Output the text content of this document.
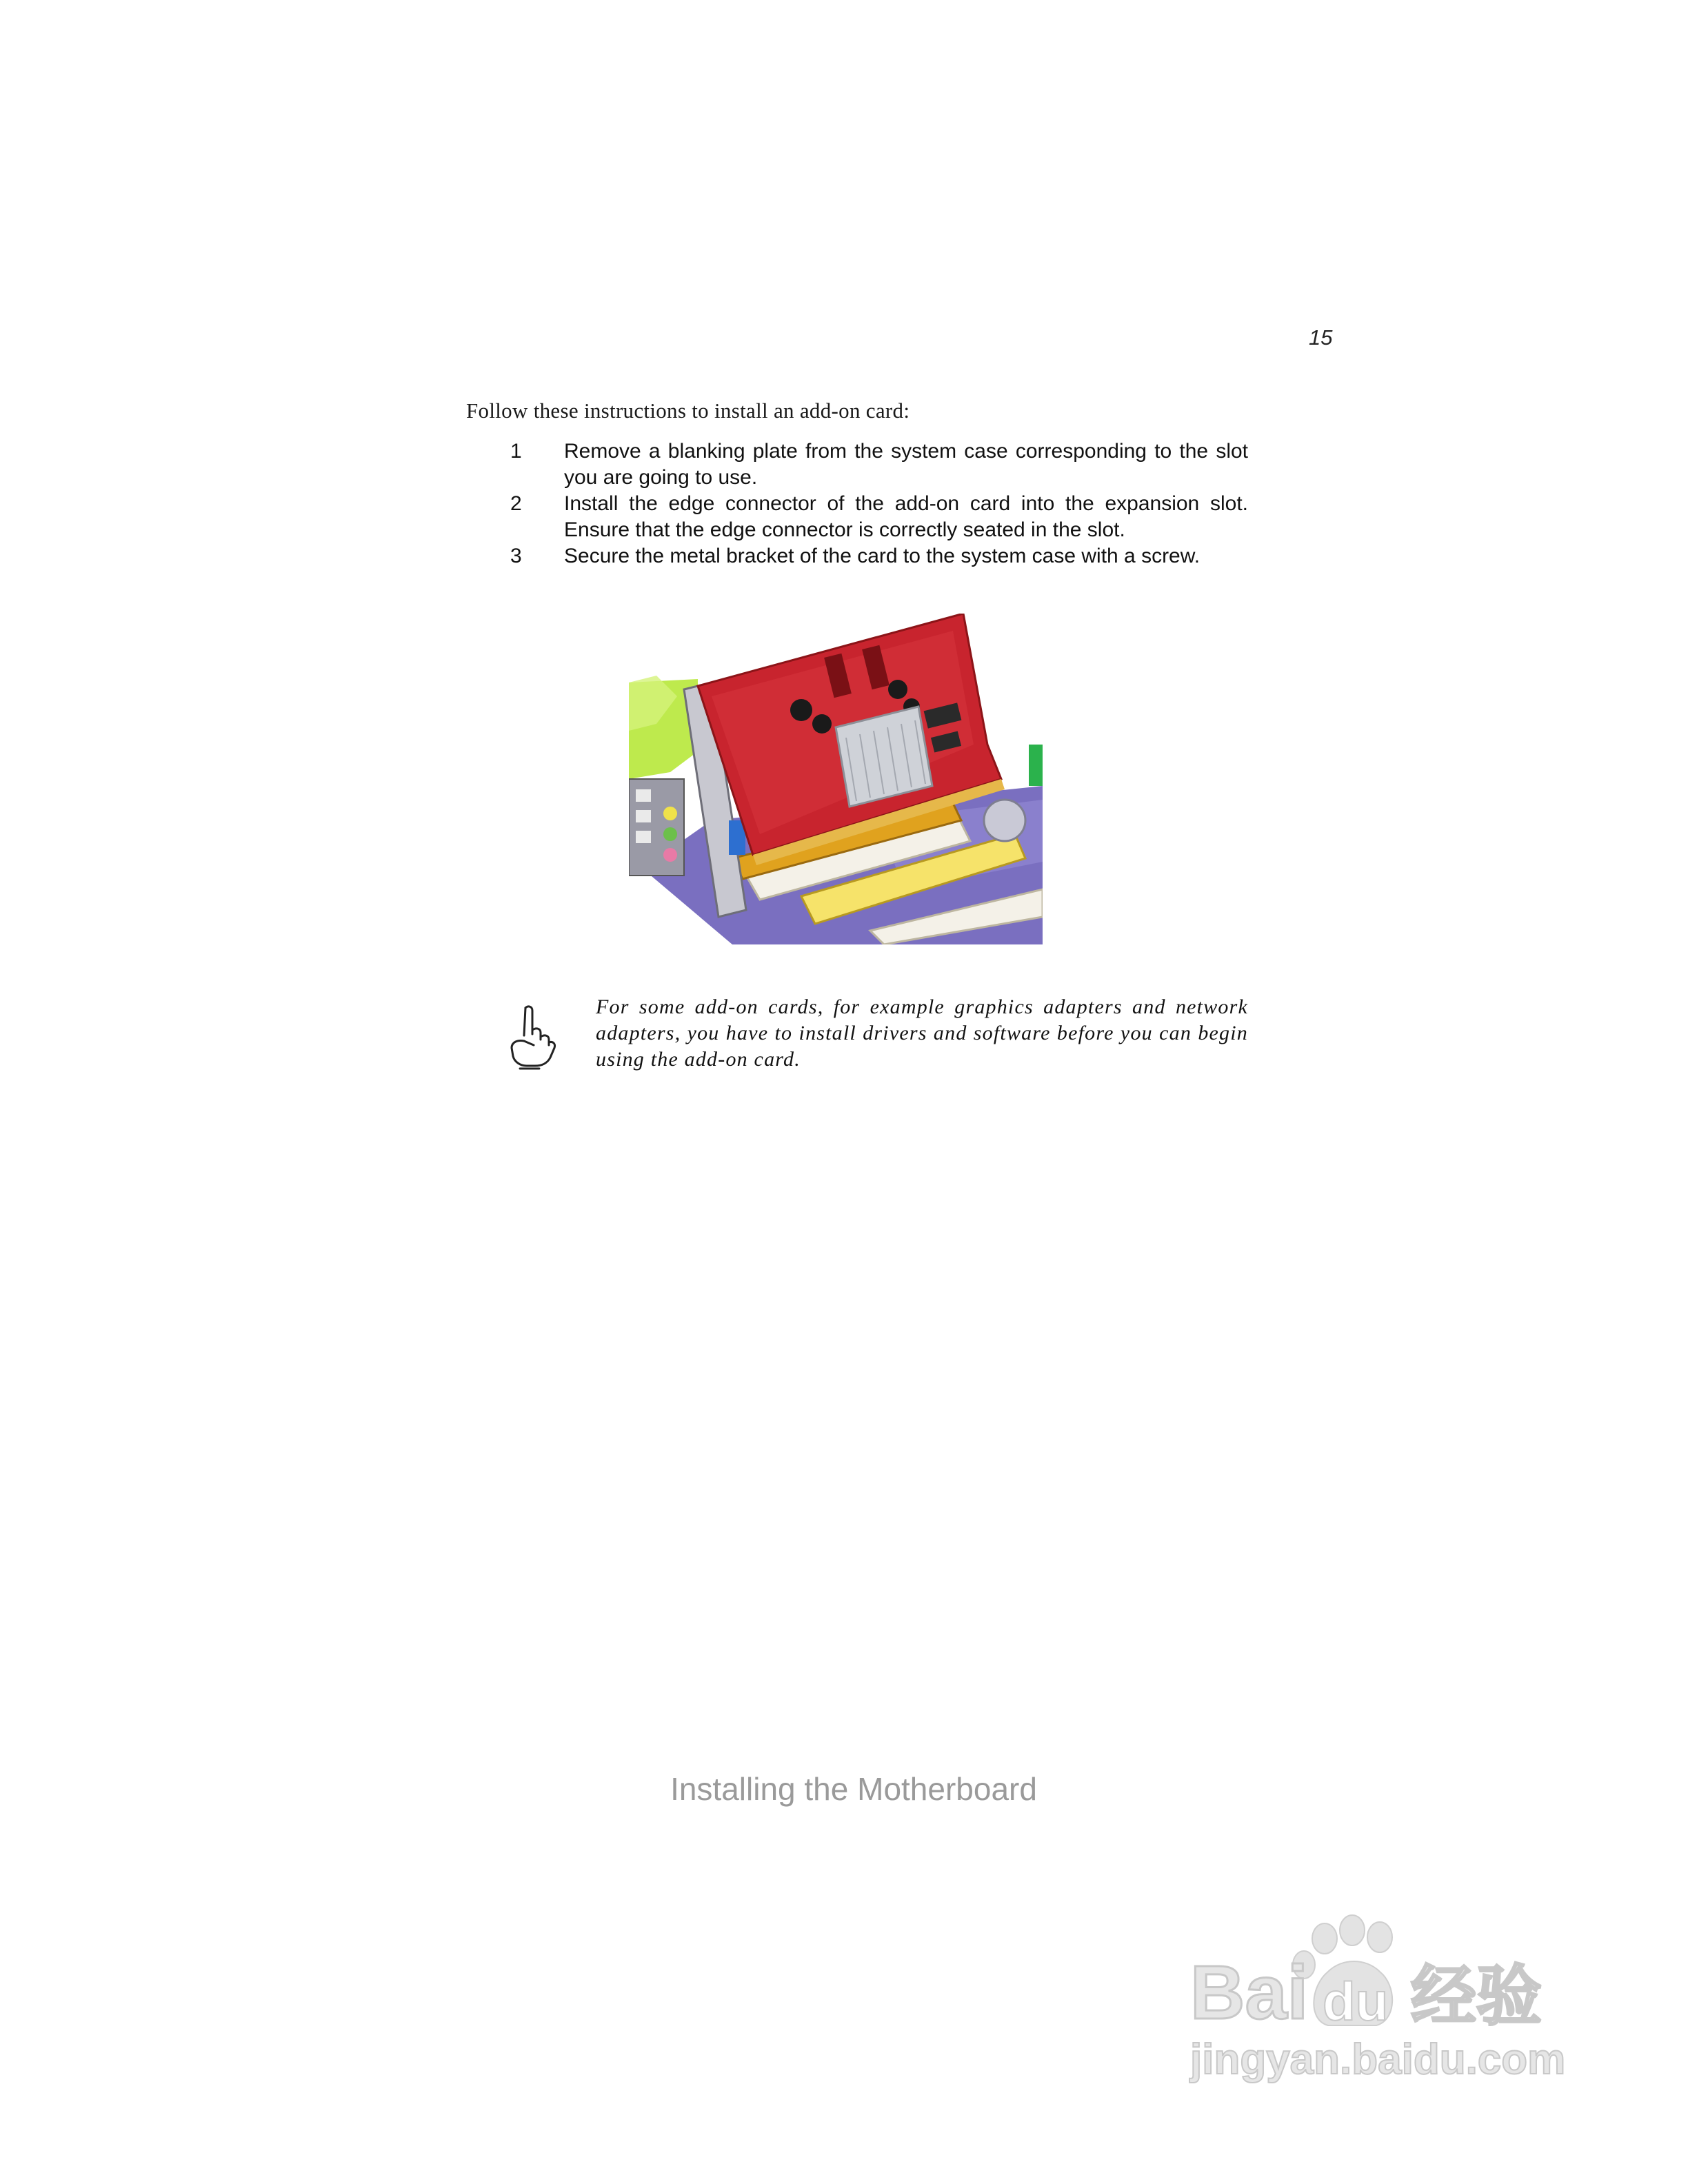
15
Follow these instructions to install an add-on card:
1	Remove a blanking plate from the system case corresponding to the slot you are going to use.
2	Install the edge connector of the add-on card into the expansion slot. Ensure that the edge connector is correctly seated in the slot.
3	Secure the metal bracket of the card to the system case with a screw.
For some add-on cards, for example graphics adapters and network adapters, you have to install drivers and software before you can begin using the add-on card.
Installing the Motherboard
Bai du 经验
jingyan.baidu.com
